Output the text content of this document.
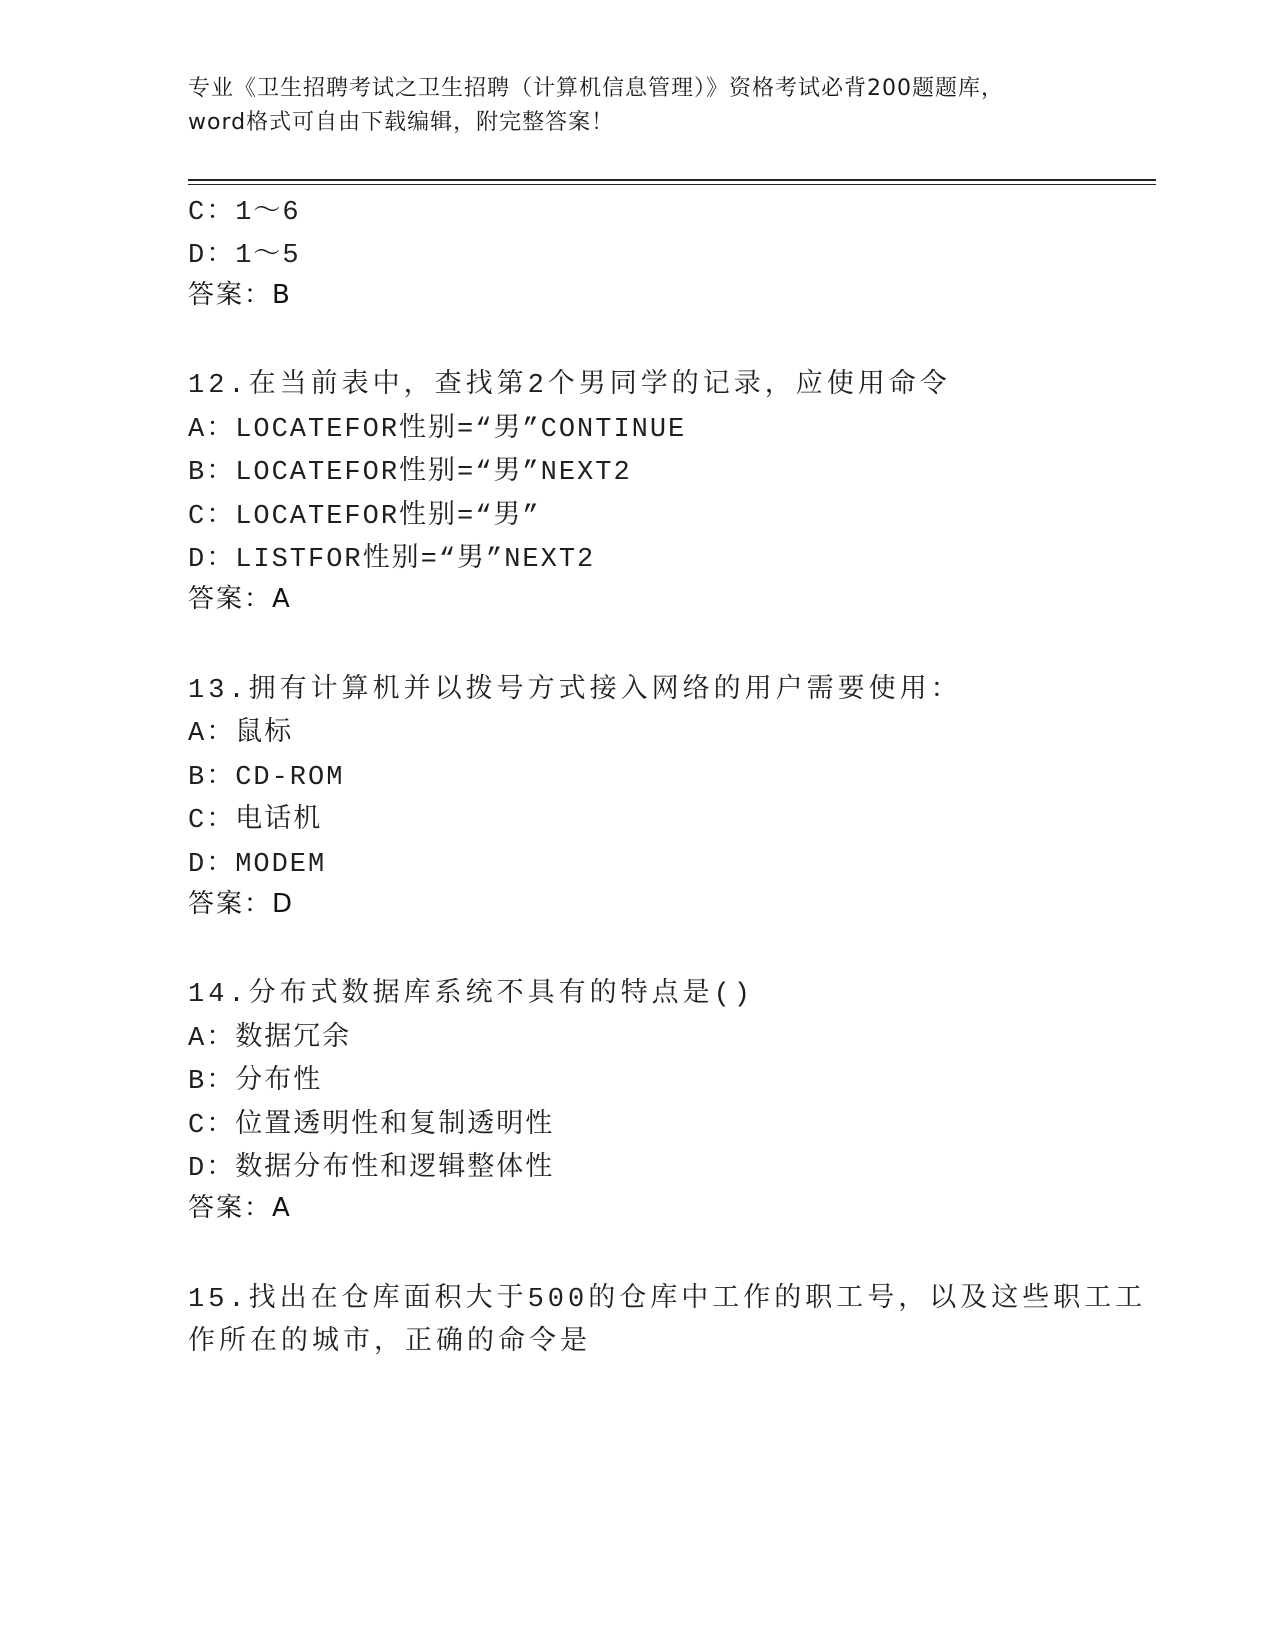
专业《卫生招聘考试之卫生招聘（计算机信息管理）》资格考试必背200题题库，
word格式可自由下载编辑，附完整答案！
C：1～6
D：1～5
答案：B
12.在当前表中，查找第2个男同学的记录，应使用命令
A：LOCATEFOR性别=“男”CONTINUE
B：LOCATEFOR性别=“男”NEXT2
C：LOCATEFOR性别=“男”
D：LISTFOR性别=“男”NEXT2
答案：A
13.拥有计算机并以拨号方式接入网络的用户需要使用：
A：鼠标
B：CD-ROM
C：电话机
D：MODEM
答案：D
14.分布式数据库系统不具有的特点是()
A：数据冗余
B：分布性
C：位置透明性和复制透明性
D：数据分布性和逻辑整体性
答案：A
15.找出在仓库面积大于500的仓库中工作的职工号，以及这些职工工
作所在的城市，正确的命令是
